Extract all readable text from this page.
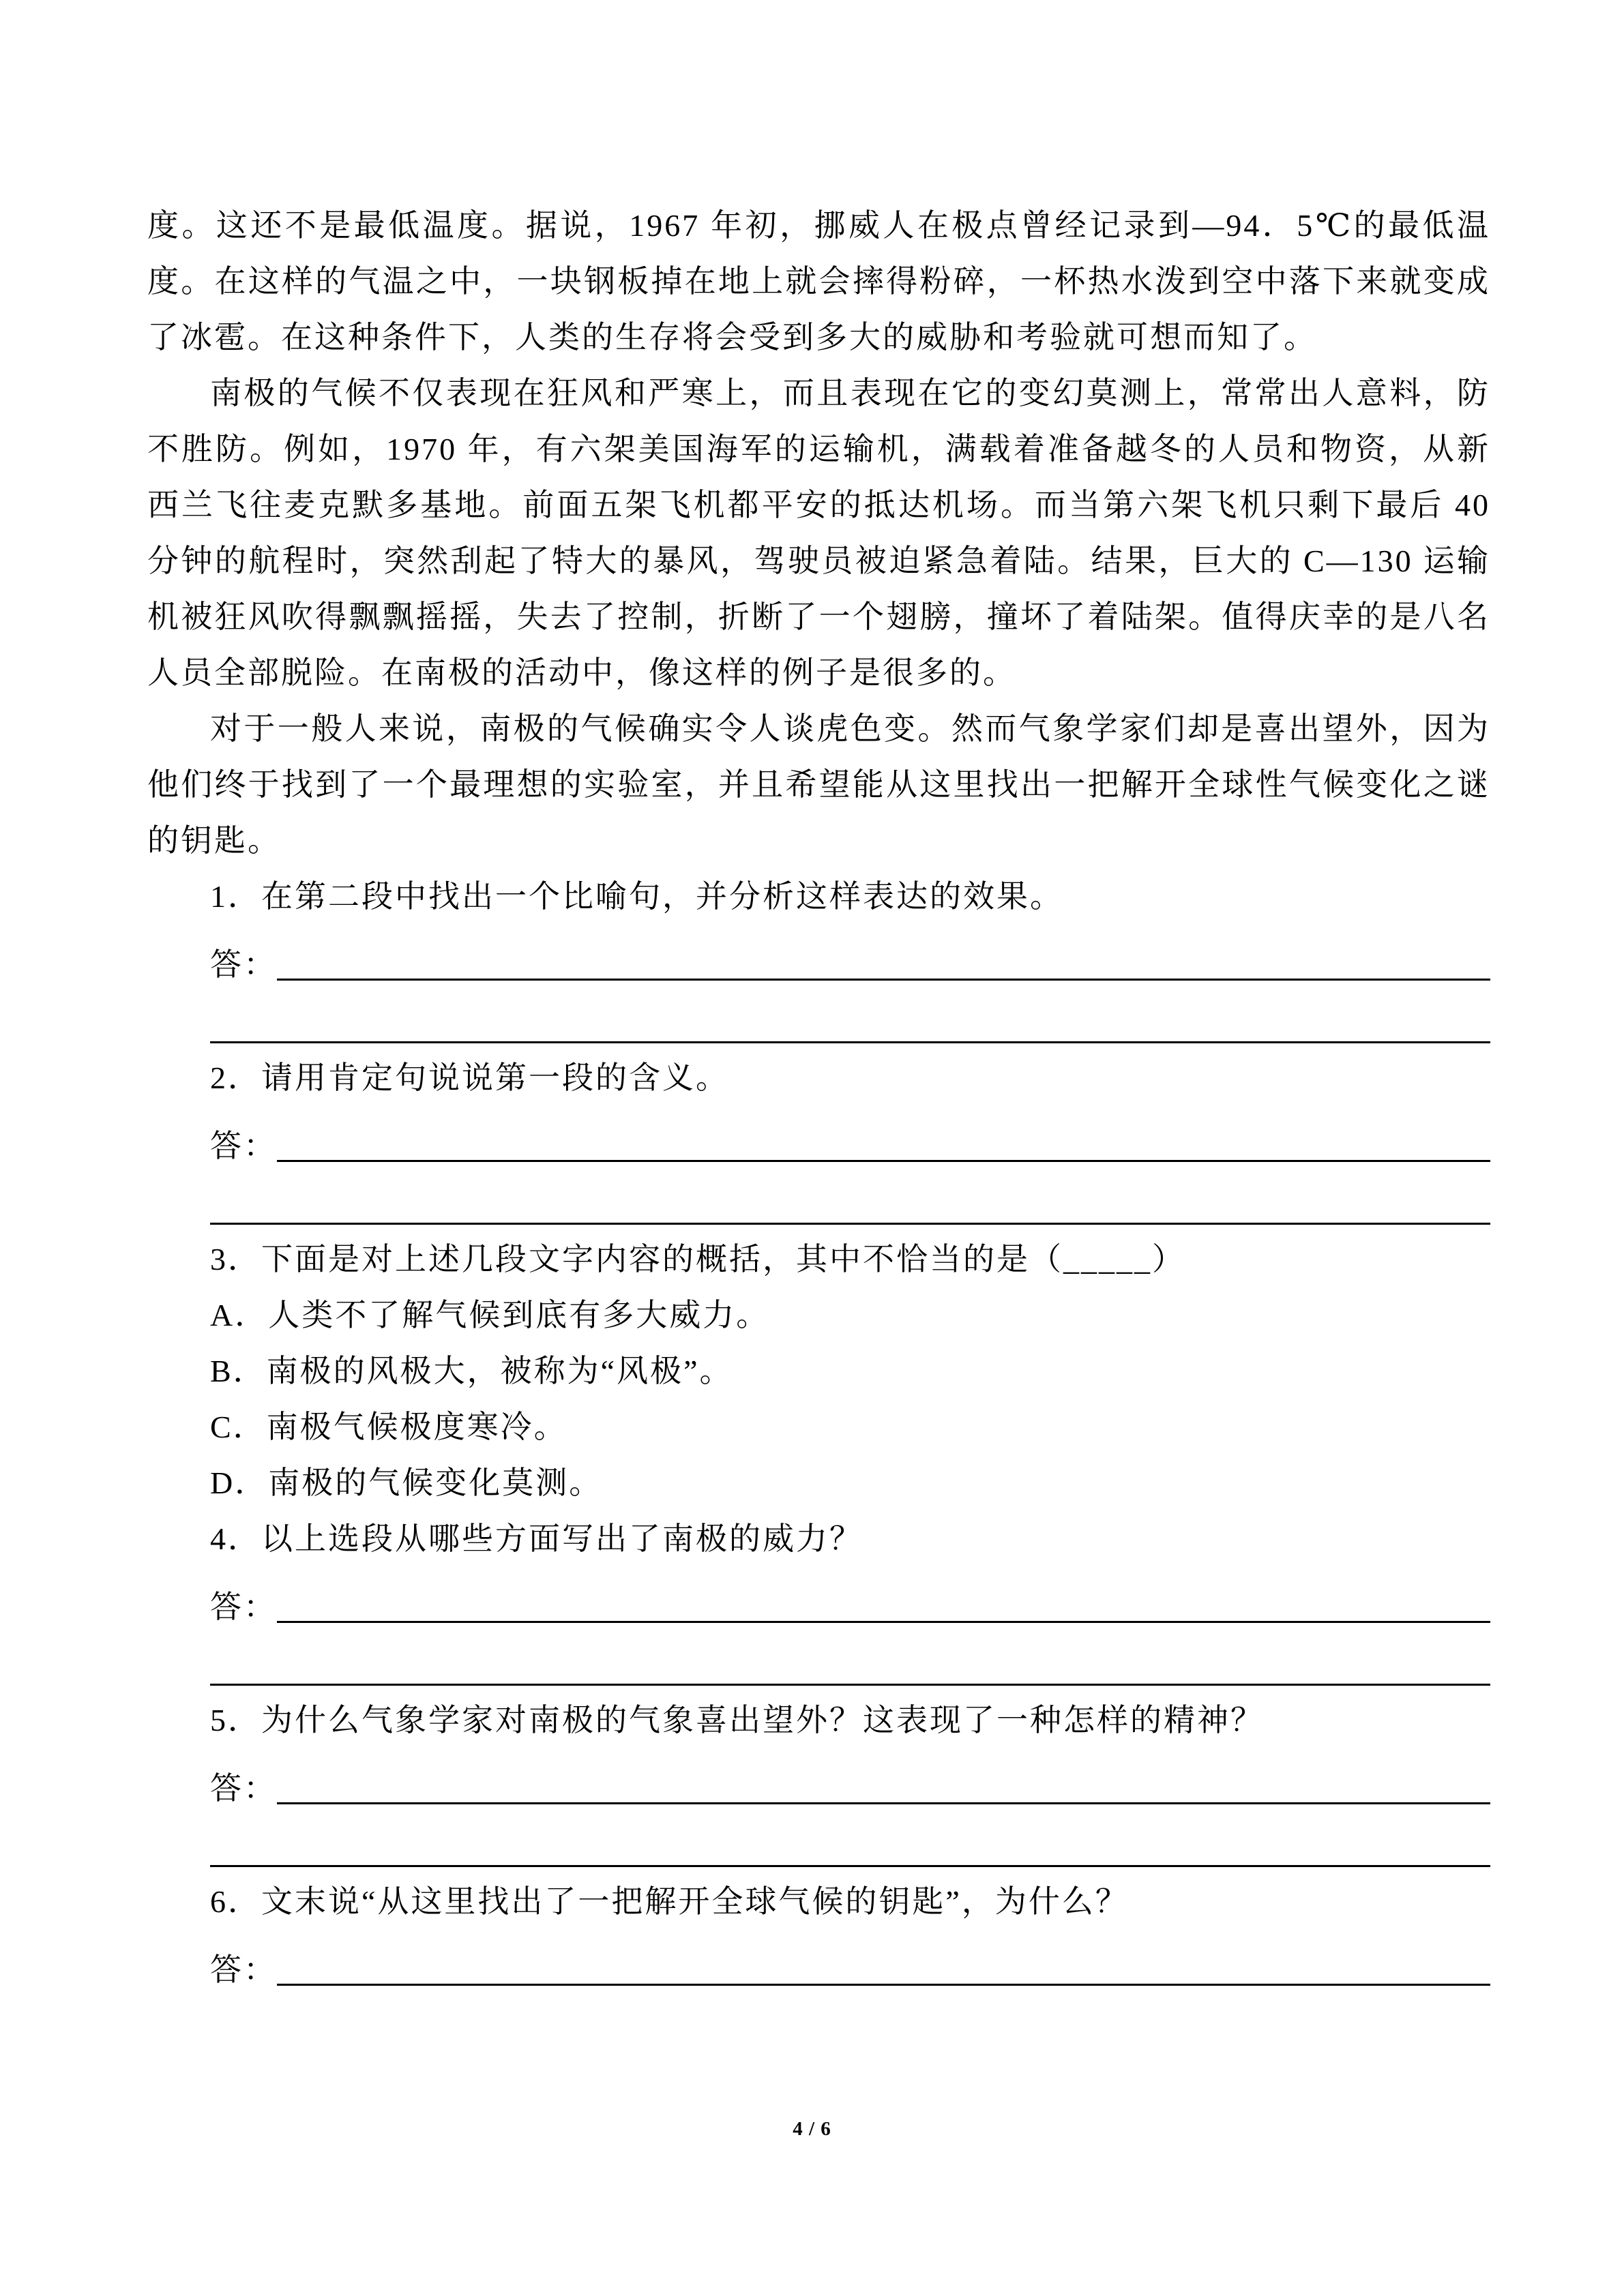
度。这还不是最低温度。据说，1967 年初，挪威人在极点曾经记录到—94．5℃的最低温度。在这样的气温之中，一块钢板掉在地上就会摔得粉碎，一杯热水泼到空中落下来就变成了冰雹。在这种条件下，人类的生存将会受到多大的威胁和考验就可想而知了。

南极的气候不仅表现在狂风和严寒上，而且表现在它的变幻莫测上，常常出人意料，防不胜防。例如，1970 年，有六架美国海军的运输机，满载着准备越冬的人员和物资，从新西兰飞往麦克默多基地。前面五架飞机都平安的抵达机场。而当第六架飞机只剩下最后 40 分钟的航程时，突然刮起了特大的暴风，驾驶员被迫紧急着陆。结果，巨大的 C—130 运输机被狂风吹得飘飘摇摇，失去了控制，折断了一个翅膀，撞坏了着陆架。值得庆幸的是八名人员全部脱险。在南极的活动中，像这样的例子是很多的。

对于一般人来说，南极的气候确实令人谈虎色变。然而气象学家们却是喜出望外，因为他们终于找到了一个最理想的实验室，并且希望能从这里找出一把解开全球性气候变化之谜的钥匙。

1．在第二段中找出一个比喻句，并分析这样表达的效果。
答：
2．请用肯定句说说第一段的含义。
答：
3．下面是对上述几段文字内容的概括，其中不恰当的是（_____）
A．人类不了解气候到底有多大威力。
B．南极的风极大，被称为“风极”。
C．南极气候极度寒冷。
D．南极的气候变化莫测。
4．以上选段从哪些方面写出了南极的威力？
答：
5．为什么气象学家对南极的气象喜出望外？这表现了一种怎样的精神？
答：
6．文末说“从这里找出了一把解开全球气候的钥匙”，为什么？
答：
4 / 6
